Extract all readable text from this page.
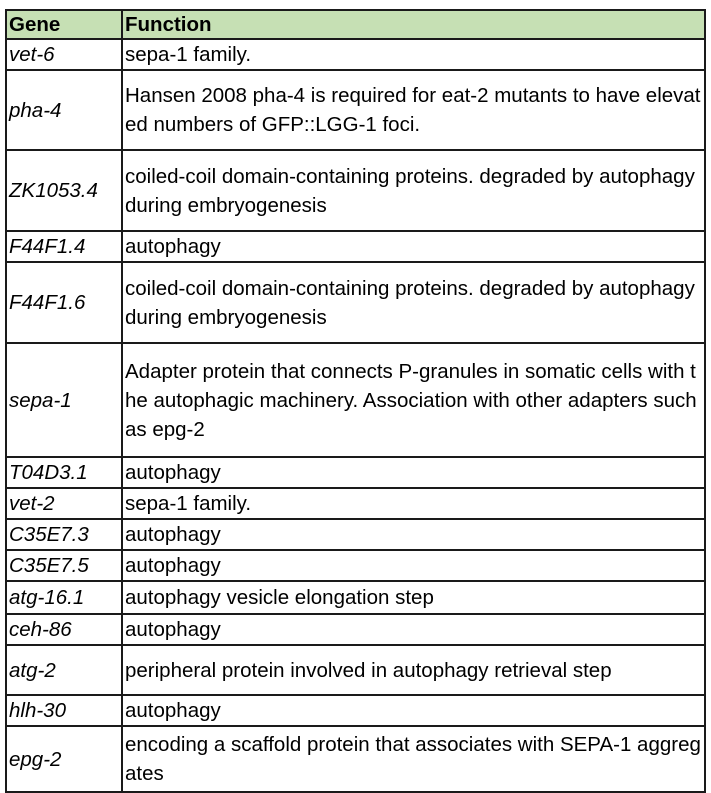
Gene	Function
vet-6	sepa-1 family.
pha-4	Hansen 2008 pha-4 is required for eat-2 mutants to have elevated numbers of GFP::LGG-1 foci.
ZK1053.4	coiled-coil domain-containing proteins. degraded by autophagy during embryogenesis
F44F1.4	autophagy
F44F1.6	coiled-coil domain-containing proteins. degraded by autophagy during embryogenesis
sepa-1	Adapter protein that connects P-granules in somatic cells with the autophagic machinery. Association with other adapters such as epg-2
T04D3.1	autophagy
vet-2	sepa-1 family.
C35E7.3	autophagy
C35E7.5	autophagy
atg-16.1	autophagy vesicle elongation step
ceh-86	autophagy
atg-2	peripheral protein involved in autophagy retrieval step
hlh-30	autophagy
epg-2	encoding a scaffold protein that associates with SEPA-1 aggregates
